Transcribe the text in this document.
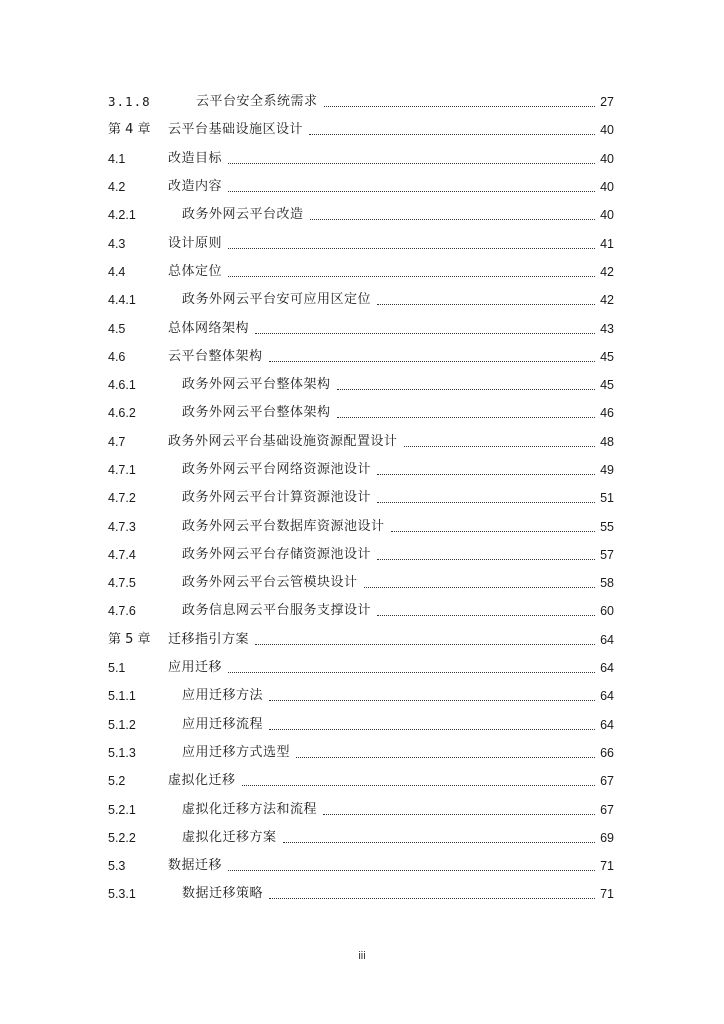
3.1.8	云平台安全系统需求	27
第 4 章	云平台基础设施区设计	40
4.1	改造目标	40
4.2	改造内容	40
4.2.1	政务外网云平台改造	40
4.3	设计原则	41
4.4	总体定位	42
4.4.1	政务外网云平台安可应用区定位	42
4.5	总体网络架构	43
4.6	云平台整体架构	45
4.6.1	政务外网云平台整体架构	45
4.6.2	政务外网云平台整体架构	46
4.7	政务外网云平台基础设施资源配置设计	48
4.7.1	政务外网云平台网络资源池设计	49
4.7.2	政务外网云平台计算资源池设计	51
4.7.3	政务外网云平台数据库资源池设计	55
4.7.4	政务外网云平台存储资源池设计	57
4.7.5	政务外网云平台云管模块设计	58
4.7.6	政务信息网云平台服务支撑设计	60
第 5 章	迁移指引方案	64
5.1	应用迁移	64
5.1.1	应用迁移方法	64
5.1.2	应用迁移流程	64
5.1.3	应用迁移方式选型	66
5.2	虚拟化迁移	67
5.2.1	虚拟化迁移方法和流程	67
5.2.2	虚拟化迁移方案	69
5.3	数据迁移	71
5.3.1	数据迁移策略	71
iii
